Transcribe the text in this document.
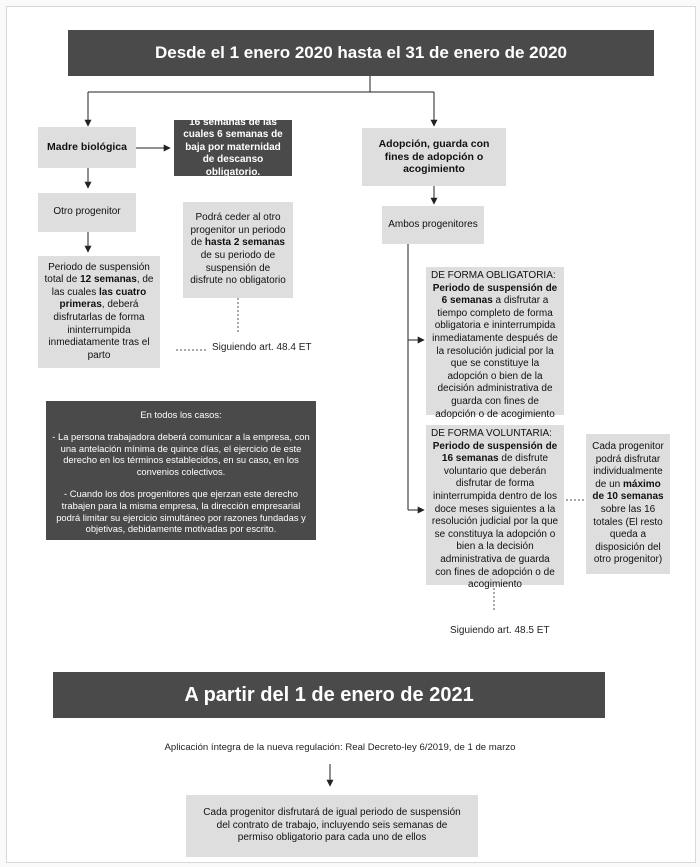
Desde el 1 enero 2020 hasta el 31 de enero de 2020
Madre biológica
16 semanas de las cuales 6 semanas de baja por maternidad de descanso obligatorio.
Otro progenitor
Podrá ceder al otro progenitor un periodo de hasta 2 semanas de su periodo de suspensión de disfrute no obligatorio
Periodo de suspensión total de 12 semanas, de las cuales las cuatro primeras, deberá disfrutarlas de forma ininterrumpida inmediatamente tras el parto
Siguiendo art. 48.4 ET
En todos los casos:
- La persona trabajadora deberá comunicar a la empresa, con una antelación mínima de quince días, el ejercicio de este derecho en los términos establecidos, en su caso, en los convenios colectivos.
- Cuando los dos progenitores que ejerzan este derecho trabajen para la misma empresa, la dirección empresarial podrá limitar su ejercicio simultáneo por razones fundadas y objetivas, debidamente motivadas por escrito.
Adopción, guarda con fines de adopción o acogimiento
Ambos progenitores
DE FORMA OBLIGATORIA:
Periodo de suspensión de 6 semanas a disfrutar a tiempo completo de forma obligatoria e ininterrumpida inmediatamente después de la resolución judicial por la que se constituye la adopción o bien de la decisión administrativa de guarda con fines de adopción o de acogimiento
DE FORMA VOLUNTARIA:
Periodo de suspensión de 16 semanas de disfrute voluntario que deberán disfrutar de forma ininterrumpida dentro de los doce meses siguientes a la resolución judicial por la que se constituya la adopción o bien a la decisión administrativa de guarda con fines de adopción o de acogimiento
Cada progenitor podrá disfrutar individualmente de un máximo de 10 semanas sobre las 16 totales (El resto queda a disposición del otro progenitor)
Siguiendo art. 48.5 ET
A partir del 1 de enero de 2021
Aplicación íntegra de la nueva regulación: Real Decreto-ley 6/2019, de 1 de marzo
Cada progenitor disfrutará de igual periodo de suspensión del contrato de trabajo, incluyendo seis semanas de permiso obligatorio para cada uno de ellos
